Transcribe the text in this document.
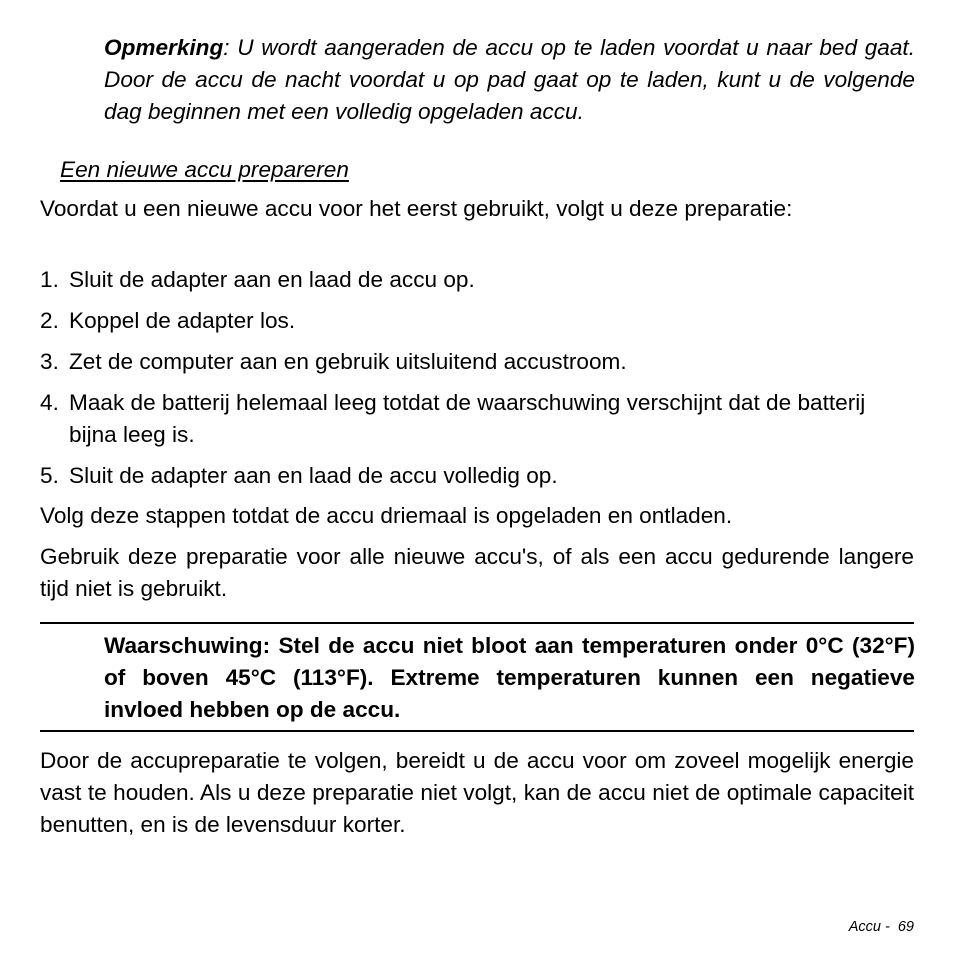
Opmerking: U wordt aangeraden de accu op te laden voordat u naar bed gaat. Door de accu de nacht voordat u op pad gaat op te laden, kunt u de volgende dag beginnen met een volledig opgeladen accu.
Een nieuwe accu prepareren
Voordat u een nieuwe accu voor het eerst gebruikt, volgt u deze preparatie:
1. Sluit de adapter aan en laad de accu op.
2. Koppel de adapter los.
3. Zet de computer aan en gebruik uitsluitend accustroom.
4. Maak de batterij helemaal leeg totdat de waarschuwing verschijnt dat de batterij bijna leeg is.
5. Sluit de adapter aan en laad de accu volledig op.
Volg deze stappen totdat de accu driemaal is opgeladen en ontladen.
Gebruik deze preparatie voor alle nieuwe accu's, of als een accu gedurende langere tijd niet is gebruikt.
Waarschuwing: Stel de accu niet bloot aan temperaturen onder 0°C (32°F) of boven 45°C (113°F). Extreme temperaturen kunnen een negatieve invloed hebben op de accu.
Door de accupreparatie te volgen, bereidt u de accu voor om zoveel mogelijk energie vast te houden. Als u deze preparatie niet volgt, kan de accu niet de optimale capaciteit benutten, en is de levensduur korter.
Accu - 69
